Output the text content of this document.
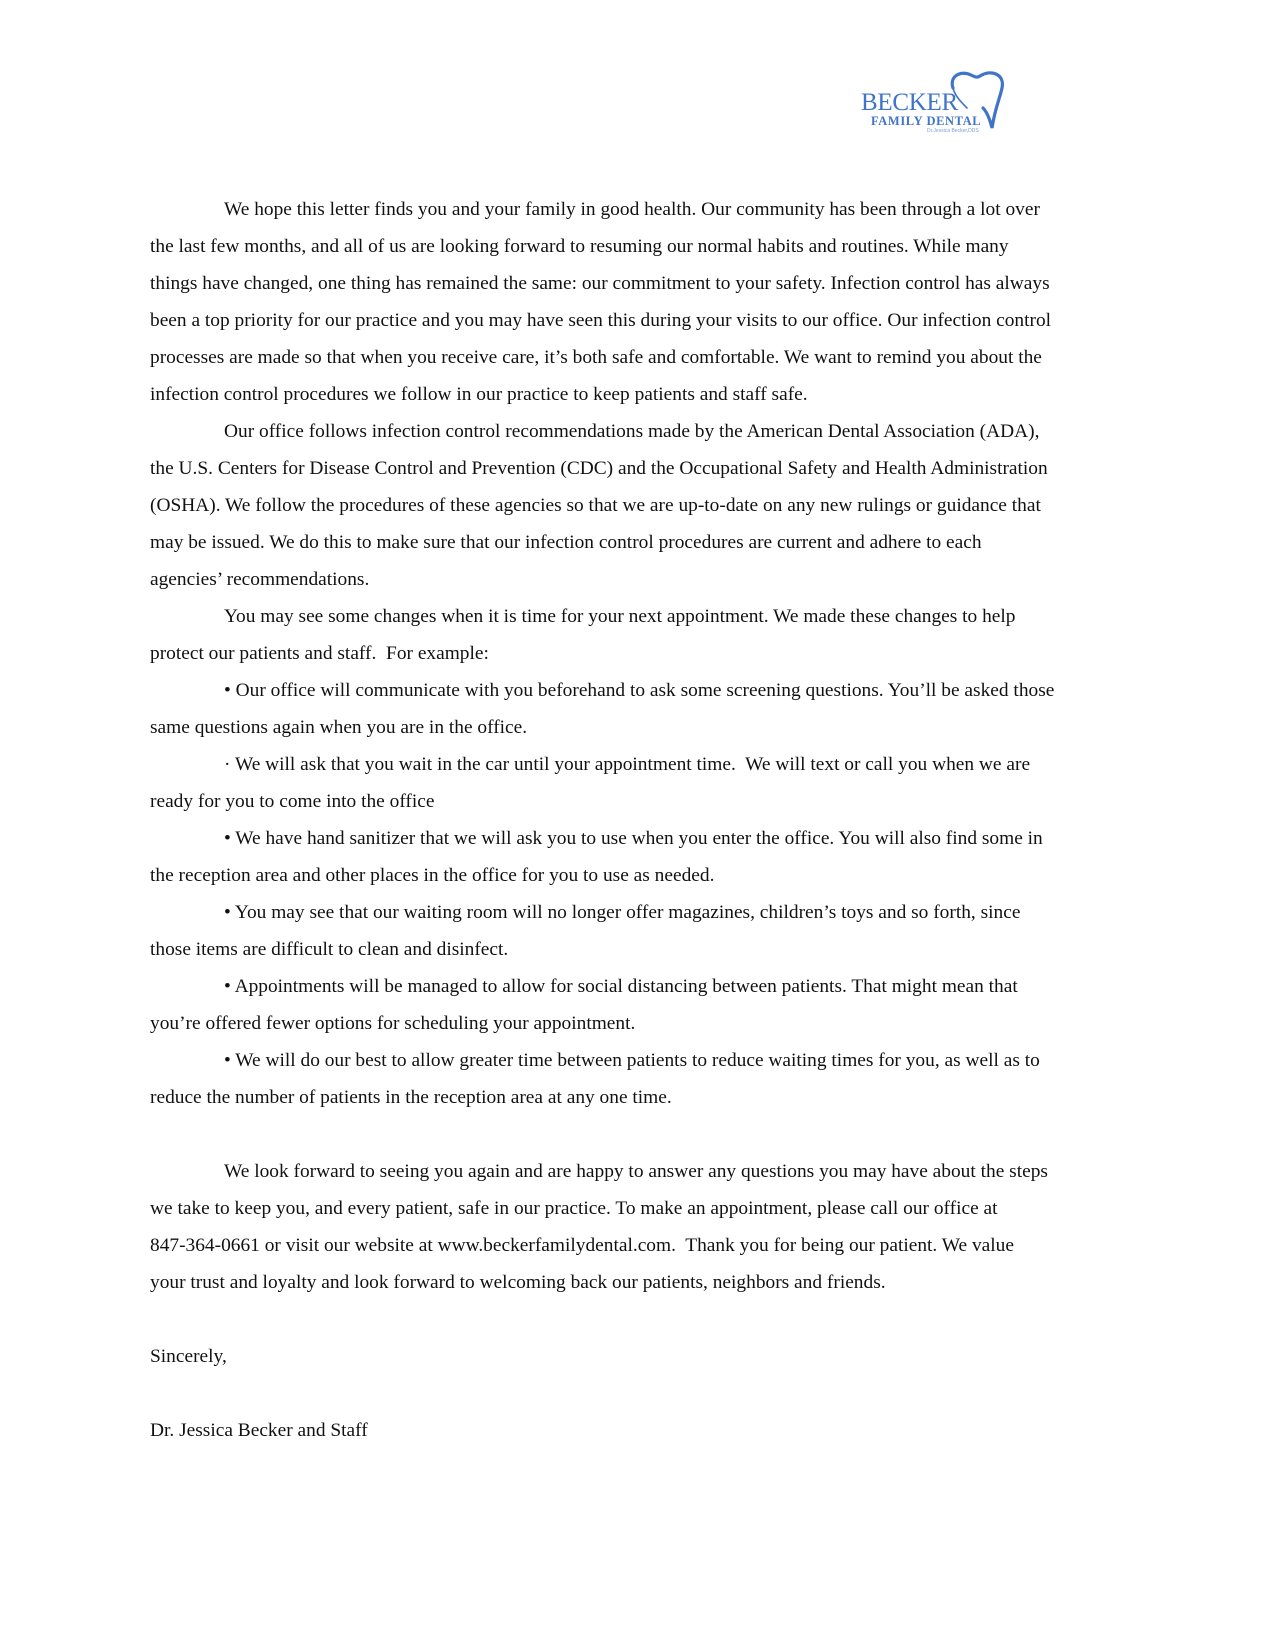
BECKER
FAMILY DENTAL
Dr.Jessica Becker,DDS
We hope this letter finds you and your family in good health. Our community has been through a lot over
the last few months, and all of us are looking forward to resuming our normal habits and routines. While many
things have changed, one thing has remained the same: our commitment to your safety. Infection control has always
been a top priority for our practice and you may have seen this during your visits to our office. Our infection control
processes are made so that when you receive care, it’s both safe and comfortable. We want to remind you about the
infection control procedures we follow in our practice to keep patients and staff safe.
Our office follows infection control recommendations made by the American Dental Association (ADA),
the U.S. Centers for Disease Control and Prevention (CDC) and the Occupational Safety and Health Administration
(OSHA). We follow the procedures of these agencies so that we are up-to-date on any new rulings or guidance that
may be issued. We do this to make sure that our infection control procedures are current and adhere to each
agencies’ recommendations.
You may see some changes when it is time for your next appointment. We made these changes to help
protect our patients and staff.  For example:
• Our office will communicate with you beforehand to ask some screening questions. You’ll be asked those
same questions again when you are in the office.
· We will ask that you wait in the car until your appointment time.  We will text or call you when we are
ready for you to come into the office
• We have hand sanitizer that we will ask you to use when you enter the office. You will also find some in
the reception area and other places in the office for you to use as needed.
• You may see that our waiting room will no longer offer magazines, children’s toys and so forth, since
those items are difficult to clean and disinfect.
• Appointments will be managed to allow for social distancing between patients. That might mean that
you’re offered fewer options for scheduling your appointment.
• We will do our best to allow greater time between patients to reduce waiting times for you, as well as to
reduce the number of patients in the reception area at any one time.
We look forward to seeing you again and are happy to answer any questions you may have about the steps
we take to keep you, and every patient, safe in our practice. To make an appointment, please call our office at
847-364-0661 or visit our website at www.beckerfamilydental.com.  Thank you for being our patient. We value
your trust and loyalty and look forward to welcoming back our patients, neighbors and friends.
Sincerely,
Dr. Jessica Becker and Staff
